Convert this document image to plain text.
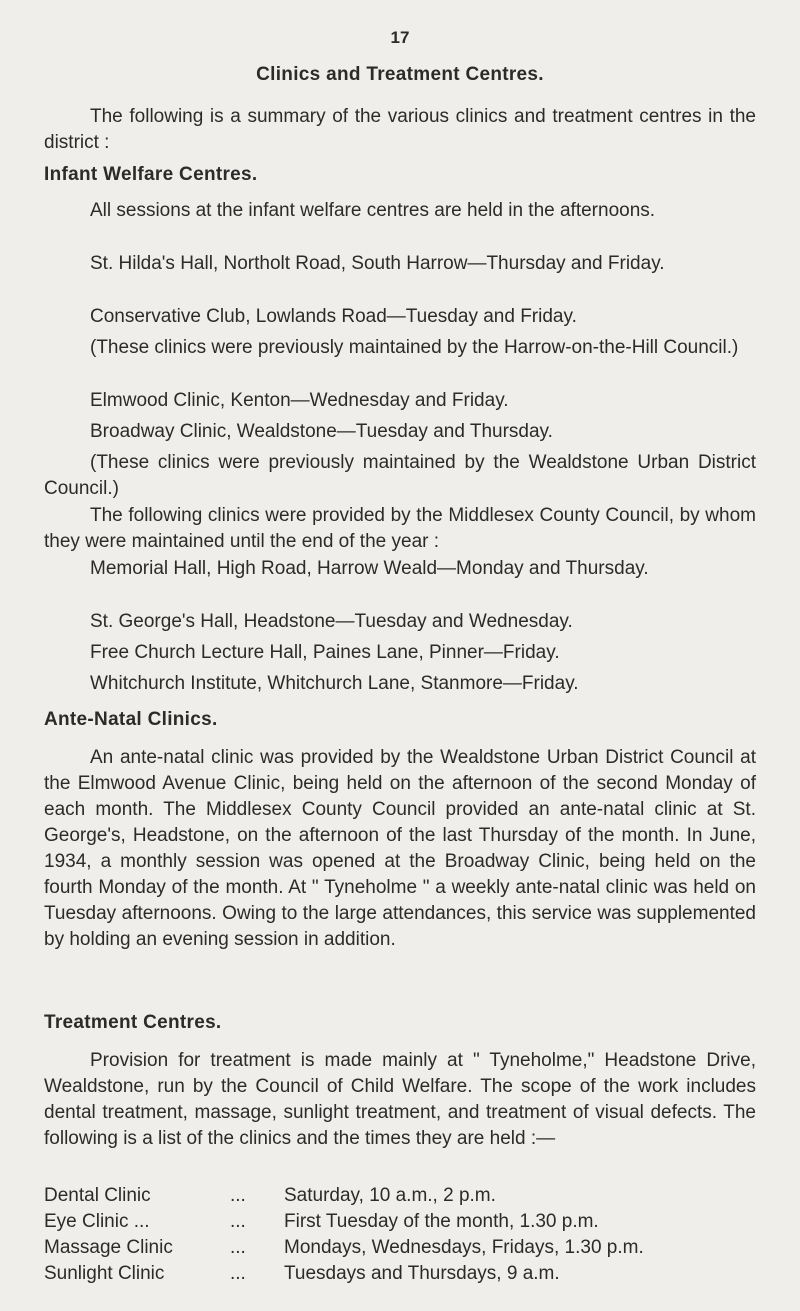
17
Clinics and Treatment Centres.
The following is a summary of the various clinics and treatment centres in the district :
Infant Welfare Centres.
All sessions at the infant welfare centres are held in the afternoons.
St. Hilda's Hall, Northolt Road, South Harrow—Thursday and Friday.
Conservative Club, Lowlands Road—Tuesday and Friday.
(These clinics were previously maintained by the Harrow-on-the-Hill Council.)
Elmwood Clinic, Kenton—Wednesday and Friday.
Broadway Clinic, Wealdstone—Tuesday and Thursday.
(These clinics were previously maintained by the Wealdstone Urban District Council.)
The following clinics were provided by the Middlesex County Council, by whom they were maintained until the end of the year :
Memorial Hall, High Road, Harrow Weald—Monday and Thursday.
St. George's Hall, Headstone—Tuesday and Wednesday.
Free Church Lecture Hall, Paines Lane, Pinner—Friday.
Whitchurch Institute, Whitchurch Lane, Stanmore—Friday.
Ante-Natal Clinics.
An ante-natal clinic was provided by the Wealdstone Urban District Council at the Elmwood Avenue Clinic, being held on the afternoon of the second Monday of each month. The Middlesex County Council provided an ante-natal clinic at St. George's, Headstone, on the afternoon of the last Thursday of the month. In June, 1934, a monthly session was opened at the Broadway Clinic, being held on the fourth Monday of the month. At " Tyneholme " a weekly ante-natal clinic was held on Tuesday afternoons. Owing to the large attendances, this service was supplemented by holding an evening session in addition.
Treatment Centres.
Provision for treatment is made mainly at " Tyneholme," Headstone Drive, Wealdstone, run by the Council of Child Welfare. The scope of the work includes dental treatment, massage, sunlight treatment, and treatment of visual defects. The following is a list of the clinics and the times they are held :—
Dental Clinic	... Saturday, 10 a.m., 2 p.m.
Eye Clinic ...	... First Tuesday of the month, 1.30 p.m.
Massage Clinic	... Mondays, Wednesdays, Fridays, 1.30 p.m.
Sunlight Clinic	... Tuesdays and Thursdays, 9 a.m.
